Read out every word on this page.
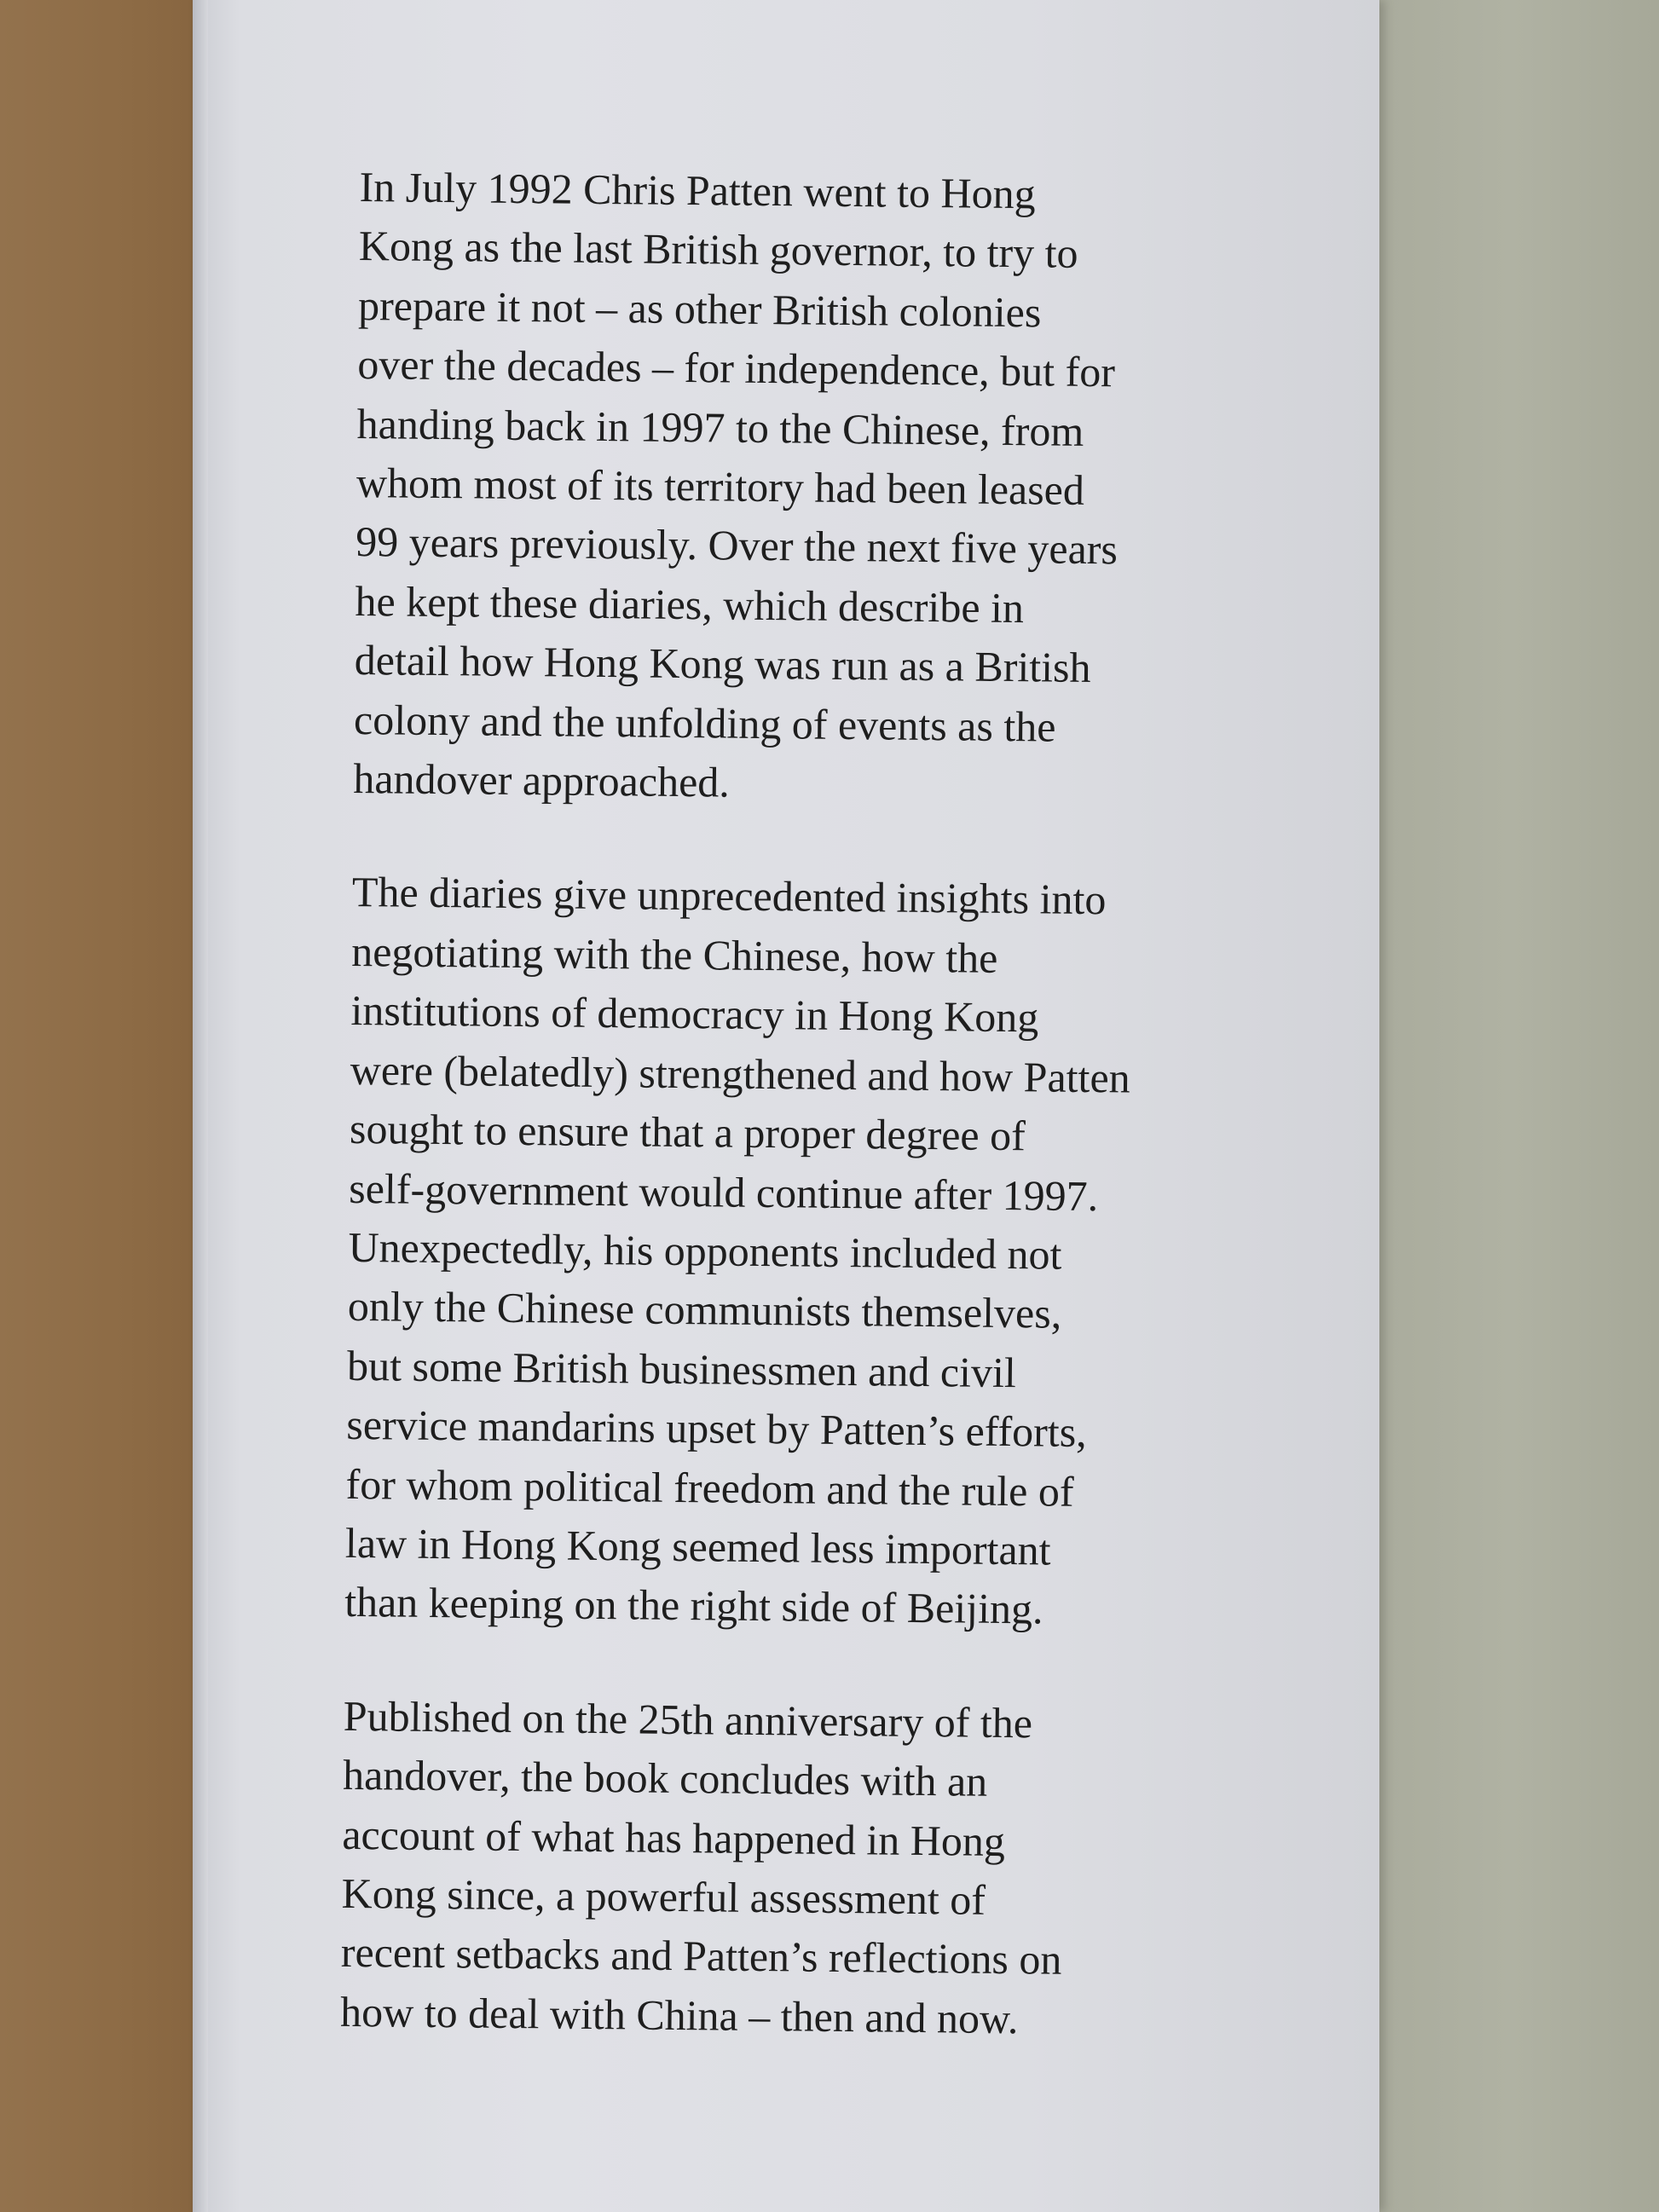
In July 1992 Chris Patten went to Hong
Kong as the last British governor, to try to
prepare it not – as other British colonies
over the decades – for independence, but for
handing back in 1997 to the Chinese, from
whom most of its territory had been leased
99 years previously. Over the next five years
he kept these diaries, which describe in
detail how Hong Kong was run as a British
colony and the unfolding of events as the
handover approached.

The diaries give unprecedented insights into
negotiating with the Chinese, how the
institutions of democracy in Hong Kong
were (belatedly) strengthened and how Patten
sought to ensure that a proper degree of
self-government would continue after 1997.
Unexpectedly, his opponents included not
only the Chinese communists themselves,
but some British businessmen and civil
service mandarins upset by Patten’s efforts,
for whom political freedom and the rule of
law in Hong Kong seemed less important
than keeping on the right side of Beijing.

Published on the 25th anniversary of the
handover, the book concludes with an
account of what has happened in Hong
Kong since, a powerful assessment of
recent setbacks and Patten’s reflections on
how to deal with China – then and now.
